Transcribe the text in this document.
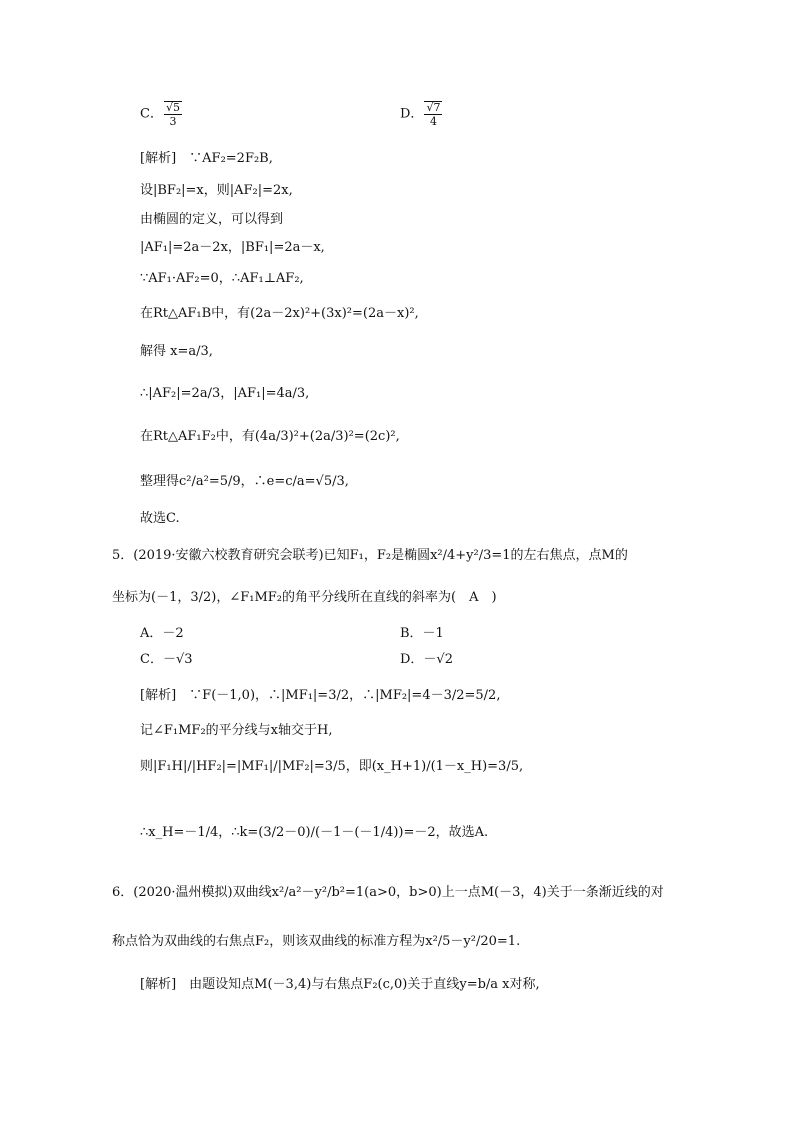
C． $\frac{√5}{3}$	D． $\frac{√7}{4}$
[解析]　 ∵AF₂=2F₂B,
设|BF₂|=x，则|AF₂|=2x,
由椭圆的定义，可以得到
|AF₁|=2a－2x，|BF₁|=2a－x,
∵AF₁·AF₂=0，∴AF₁⊥AF₂,
在Rt△AF₁B中，有(2a－2x)²+(3x)²=(2a－x)²,
解得 x=a/3,
∴|AF₂|=2a/3，|AF₁|=4a/3,
在Rt△AF₁F₂中，有(4a/3)²+(2a/3)²=(2c)²,
整理得c²/a²=5/9，∴e=c/a=√5/3,
故选C.
5．(2019·安徽六校教育研究会联考)已知F₁，F₂是椭圆x²/4+y²/3=1的左右焦点，点M的
坐标为(－1，3/2)，∠F₁MF₂的角平分线所在直线的斜率为(　A　)
A．－2	B．－1
C．－√3	D．－√2
[解析]　 ∵F(－1,0)，∴|MF₁|=3/2，∴|MF₂|=4－3/2=5/2,
记∠F₁MF₂的平分线与x轴交于H,
则|F₁H|/|HF₂|=|MF₁|/|MF₂|=3/5，即(x_H+1)/(1－x_H)=3/5,
∴x_H=－1/4，∴k=(3/2－0)/(－1－(－1/4))=－2，故选A.
6．(2020·温州模拟)双曲线x²/a²－y²/b²=1(a>0，b>0)上一点M(－3，4)关于一条渐近线的对
称点恰为双曲线的右焦点F₂，则该双曲线的标准方程为x²/5－y²/20=1.
[解析]　 由题设知点M(－3,4)与右焦点F₂(c,0)关于直线y=b/a x对称,
